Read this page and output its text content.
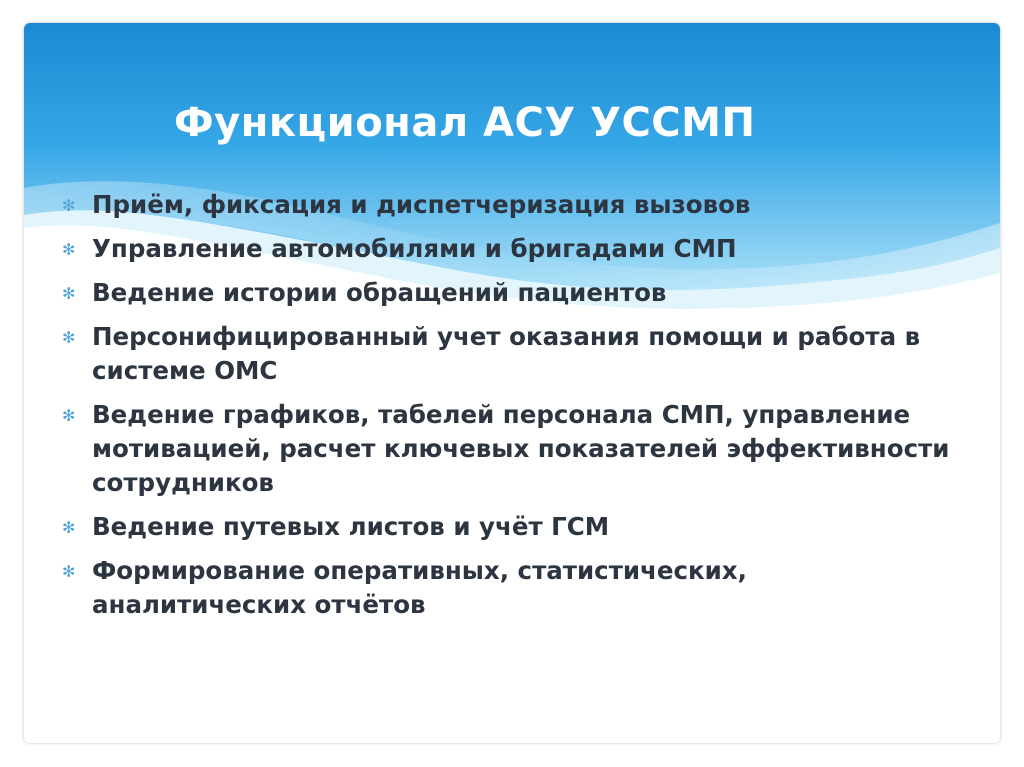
Функционал АСУ УССМП
✻ Приём, фиксация и диспетчеризация вызовов
✻ Управление автомобилями и бригадами СМП
✻ Ведение истории обращений пациентов
✻ Персонифицированный учет оказания помощи и работа в системе ОМС
✻ Ведение графиков, табелей персонала СМП, управление мотивацией, расчет ключевых показателей эффективности сотрудников
✻ Ведение путевых листов и учёт ГСМ
✻ Формирование оперативных, статистических, аналитических отчётов
